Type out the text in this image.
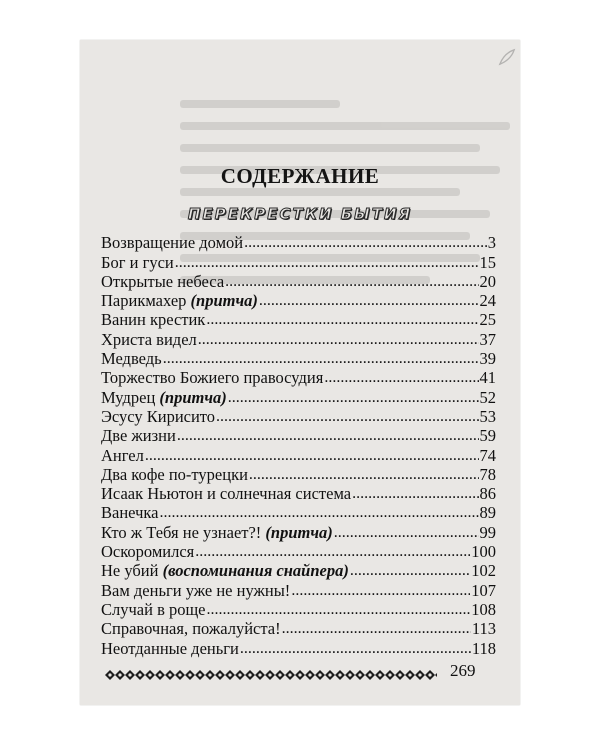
СОДЕРЖАНИЕ
ПЕРЕКРЕСТКИ БЫТИЯ
Возвращение домой .....	3
Бог и гуси .....	15
Открытые небеса .....	20
Парикмахер (притча) .....	24
Ванин крестик .....	25
Христа видел .....	37
Медведь .....	39
Торжество Божиего правосудия .....	41
Мудрец (притча) .....	52
Эсусу Кирисито .....	53
Две жизни .....	59
Ангел .....	74
Два кофе по-турецки .....	78
Исаак Ньютон и солнечная система .....	86
Ванечка .....	89
Кто ж Тебя не узнает?! (притча) .....	99
Оскоромился .....	100
Не убий (воспоминания снайпера) .....	102
Вам деньги уже не нужны! .....	107
Случай в роще .....	108
Справочная, пожалуйста! .....	113
Неотданные деньги .....	118
269
